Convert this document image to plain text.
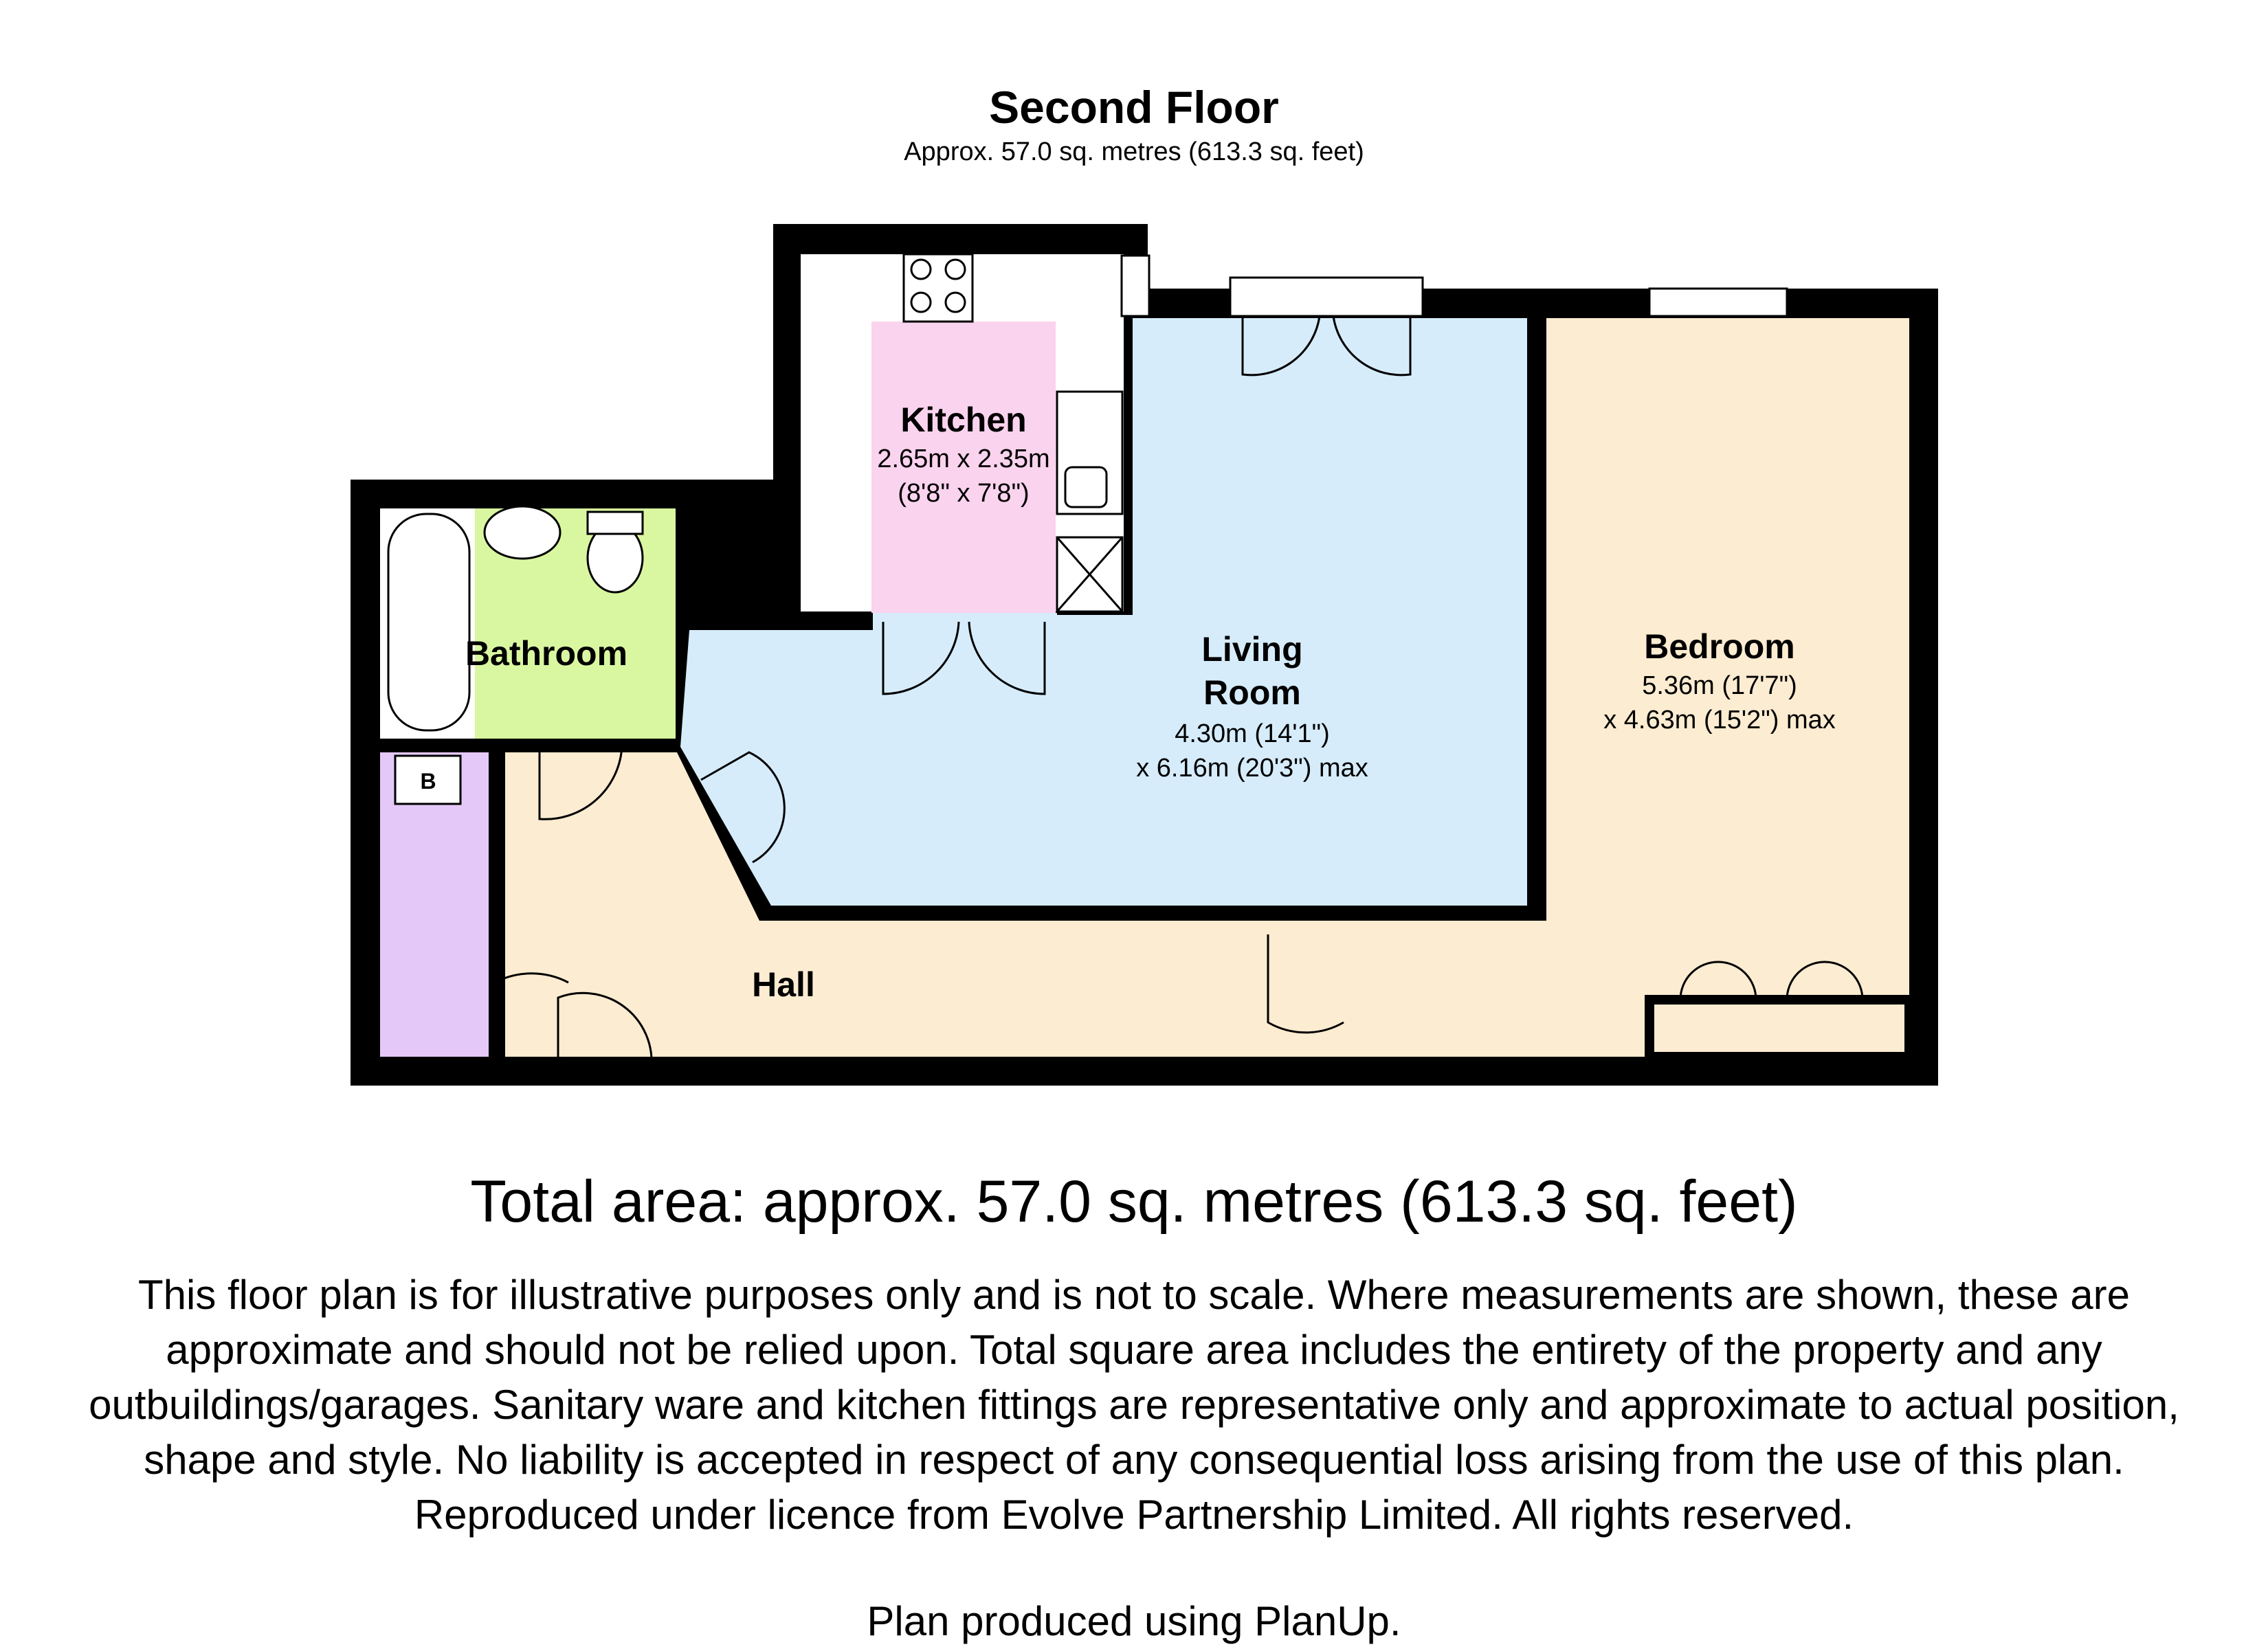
Second Floor
Approx. 57.0 sq. metres (613.3 sq. feet)
Kitchen
2.65m x 2.35m
(8'8" x 7'8")
Bathroom	Living
Room
4.30m (14'1")
x 6.16m (20'3") max
Bedroom
5.36m (17'7")
x 4.63m (15'2") max
Hall
B
Total area: approx. 57.0 sq. metres (613.3 sq. feet)
This floor plan is for illustrative purposes only and is not to scale. Where measurements are shown, these are approximate and should not be relied upon. Total square area includes the entirety of the property and any outbuildings/garages. Sanitary ware and kitchen fittings are representative only and approximate to actual position, shape and style. No liability is accepted in respect of any consequential loss arising from the use of this plan. Reproduced under licence from Evolve Partnership Limited. All rights reserved.
Plan produced using PlanUp.
